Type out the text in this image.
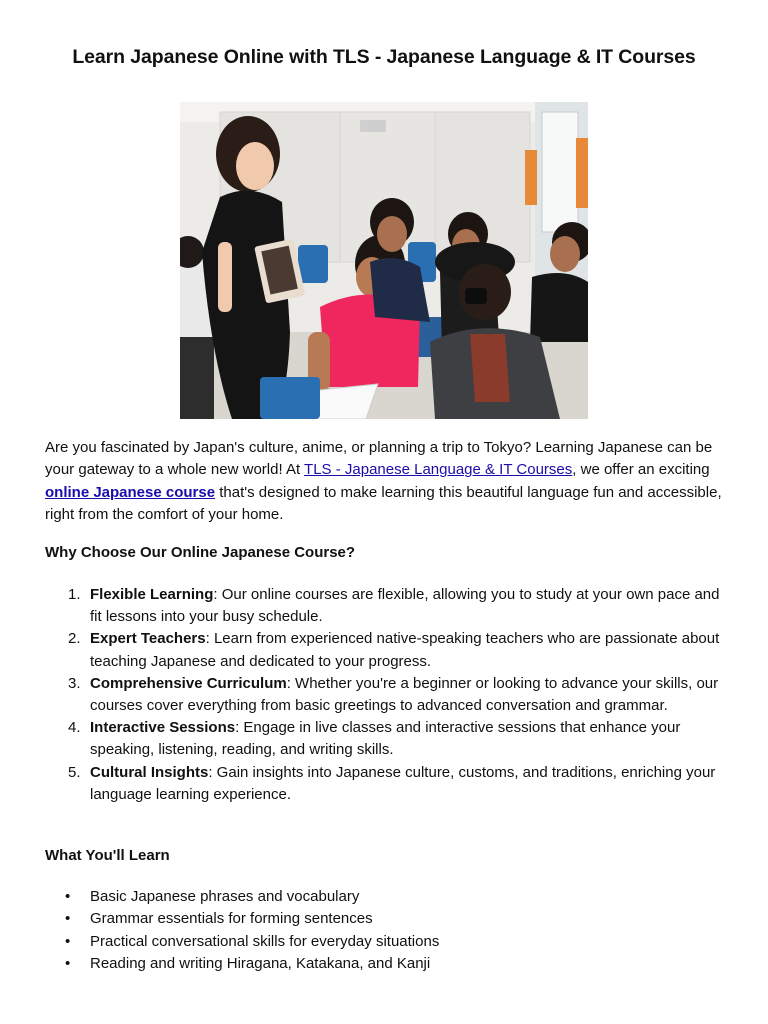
Learn Japanese Online with TLS - Japanese Language & IT Courses
Are you fascinated by Japan's culture, anime, or planning a trip to Tokyo? Learning Japanese can be your gateway to a whole new world! At TLS - Japanese Language & IT Courses, we offer an exciting online Japanese course that's designed to make learning this beautiful language fun and accessible, right from the comfort of your home.
Why Choose Our Online Japanese Course?
1. Flexible Learning: Our online courses are flexible, allowing you to study at your own pace and fit lessons into your busy schedule.
2. Expert Teachers: Learn from experienced native-speaking teachers who are passionate about teaching Japanese and dedicated to your progress.
3. Comprehensive Curriculum: Whether you're a beginner or looking to advance your skills, our courses cover everything from basic greetings to advanced conversation and grammar.
4. Interactive Sessions: Engage in live classes and interactive sessions that enhance your speaking, listening, reading, and writing skills.
5. Cultural Insights: Gain insights into Japanese culture, customs, and traditions, enriching your language learning experience.
What You'll Learn
• Basic Japanese phrases and vocabulary
• Grammar essentials for forming sentences
• Practical conversational skills for everyday situations
• Reading and writing Hiragana, Katakana, and Kanji
